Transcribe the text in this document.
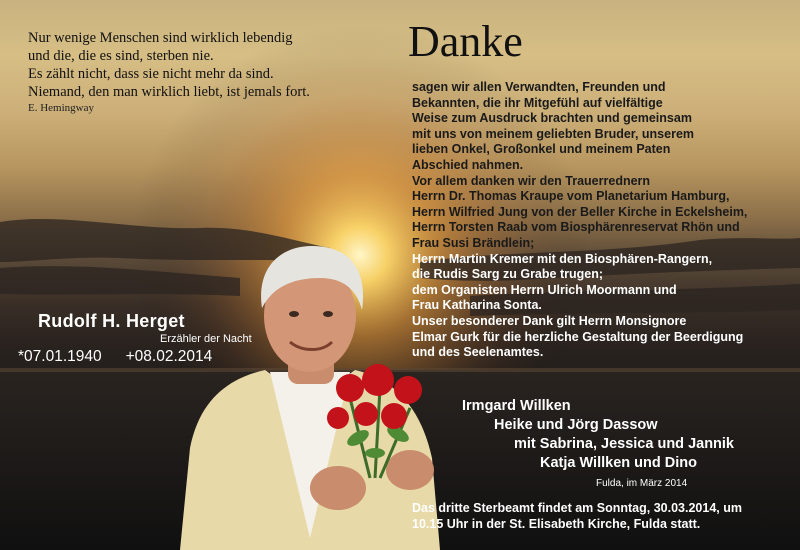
Nur wenige Menschen sind wirklich lebendig
und die, die es sind, sterben nie.
Es zählt nicht, dass sie nicht mehr da sind.
Niemand, den man wirklich liebt, ist jemals fort.
E. Hemingway
Danke
sagen wir allen Verwandten, Freunden und
Bekannten, die ihr Mitgefühl auf vielfältige
Weise zum Ausdruck brachten und gemeinsam
mit uns von meinem geliebten Bruder, unserem
lieben Onkel, Großonkel und meinem Paten
Abschied nahmen.
Vor allem danken wir den Trauerrednern
Herrn Dr. Thomas Kraupe vom Planetarium Hamburg,
Herrn Wilfried Jung von der Beller Kirche in Eckelsheim,
Herrn Torsten Raab vom Biosphärenreservat Rhön und
Frau Susi Brändlein;
Herrn Martin Kremer mit den Biosphären-Rangern,
die Rudis Sarg zu Grabe trugen;
dem Organisten Herrn Ulrich Moormann und
Frau Katharina Sonta.
Unser besonderer Dank gilt Herrn Monsignore
Elmar Gurk für die herzliche Gestaltung der Beerdigung
und des Seelenamtes.
Rudolf H. Herget
Erzähler der Nacht
*07.01.1940 +08.02.2014
Irmgard Willken
Heike und Jörg Dassow
mit Sabrina, Jessica und Jannik
Katja Willken und Dino
Fulda, im März 2014
Das dritte Sterbeamt findet am Sonntag, 30.03.2014, um
10.15 Uhr in der St. Elisabeth Kirche, Fulda statt.
